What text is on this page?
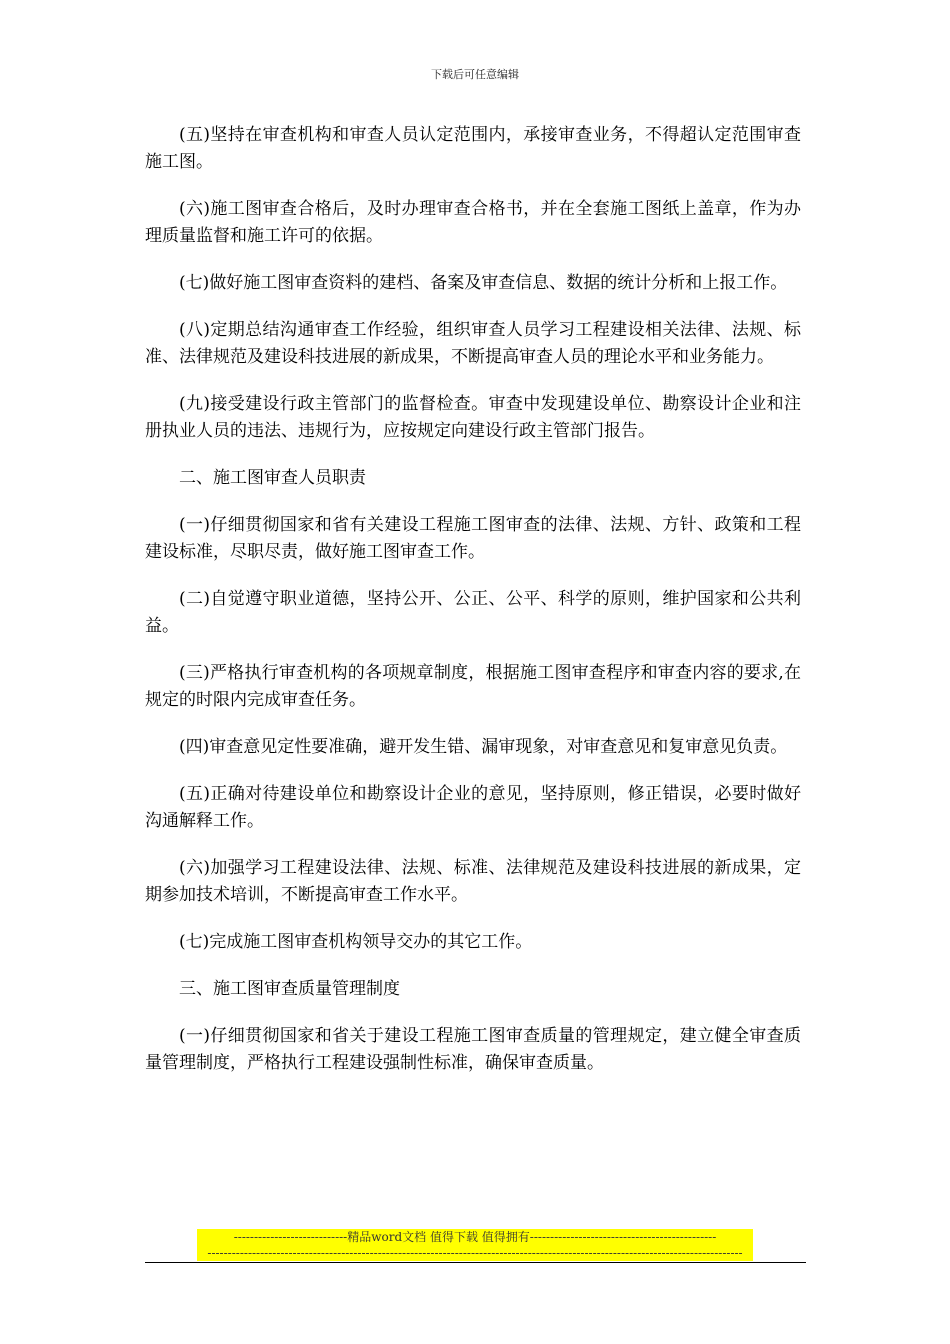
下载后可任意编辑

(五)坚持在审查机构和审查人员认定范围内，承接审查业务，不得超认定范围审查施工图。

(六)施工图审查合格后，及时办理审查合格书，并在全套施工图纸上盖章，作为办理质量监督和施工许可的依据。

(七)做好施工图审查资料的建档、备案及审查信息、数据的统计分析和上报工作。

(八)定期总结沟通审查工作经验，组织审查人员学习工程建设相关法律、法规、标准、法律规范及建设科技进展的新成果，不断提高审查人员的理论水平和业务能力。

(九)接受建设行政主管部门的监督检查。审查中发现建设单位、勘察设计企业和注册执业人员的违法、违规行为，应按规定向建设行政主管部门报告。

二、施工图审查人员职责

(一)仔细贯彻国家和省有关建设工程施工图审查的法律、法规、方针、政策和工程建设标准，尽职尽责，做好施工图审查工作。

(二)自觉遵守职业道德，坚持公开、公正、公平、科学的原则，维护国家和公共利益。

(三)严格执行审查机构的各项规章制度，根据施工图审查程序和审查内容的要求,在规定的时限内完成审查任务。

(四)审查意见定性要准确，避开发生错、漏审现象，对审查意见和复审意见负责。

(五)正确对待建设单位和勘察设计企业的意见，坚持原则，修正错误，必要时做好沟通解释工作。

(六)加强学习工程建设法律、法规、标准、法律规范及建设科技进展的新成果，定期参加技术培训，不断提高审查工作水平。

(七)完成施工图审查机构领导交办的其它工作。

三、施工图审查质量管理制度

(一)仔细贯彻国家和省关于建设工程施工图审查质量的管理规定，建立健全审查质量管理制度，严格执行工程建设强制性标准，确保审查质量。

----------------------------精品word文档 值得下载 值得拥有----------------------------------------------
------------------------------------------------------------------------------------------------------------------------------------
